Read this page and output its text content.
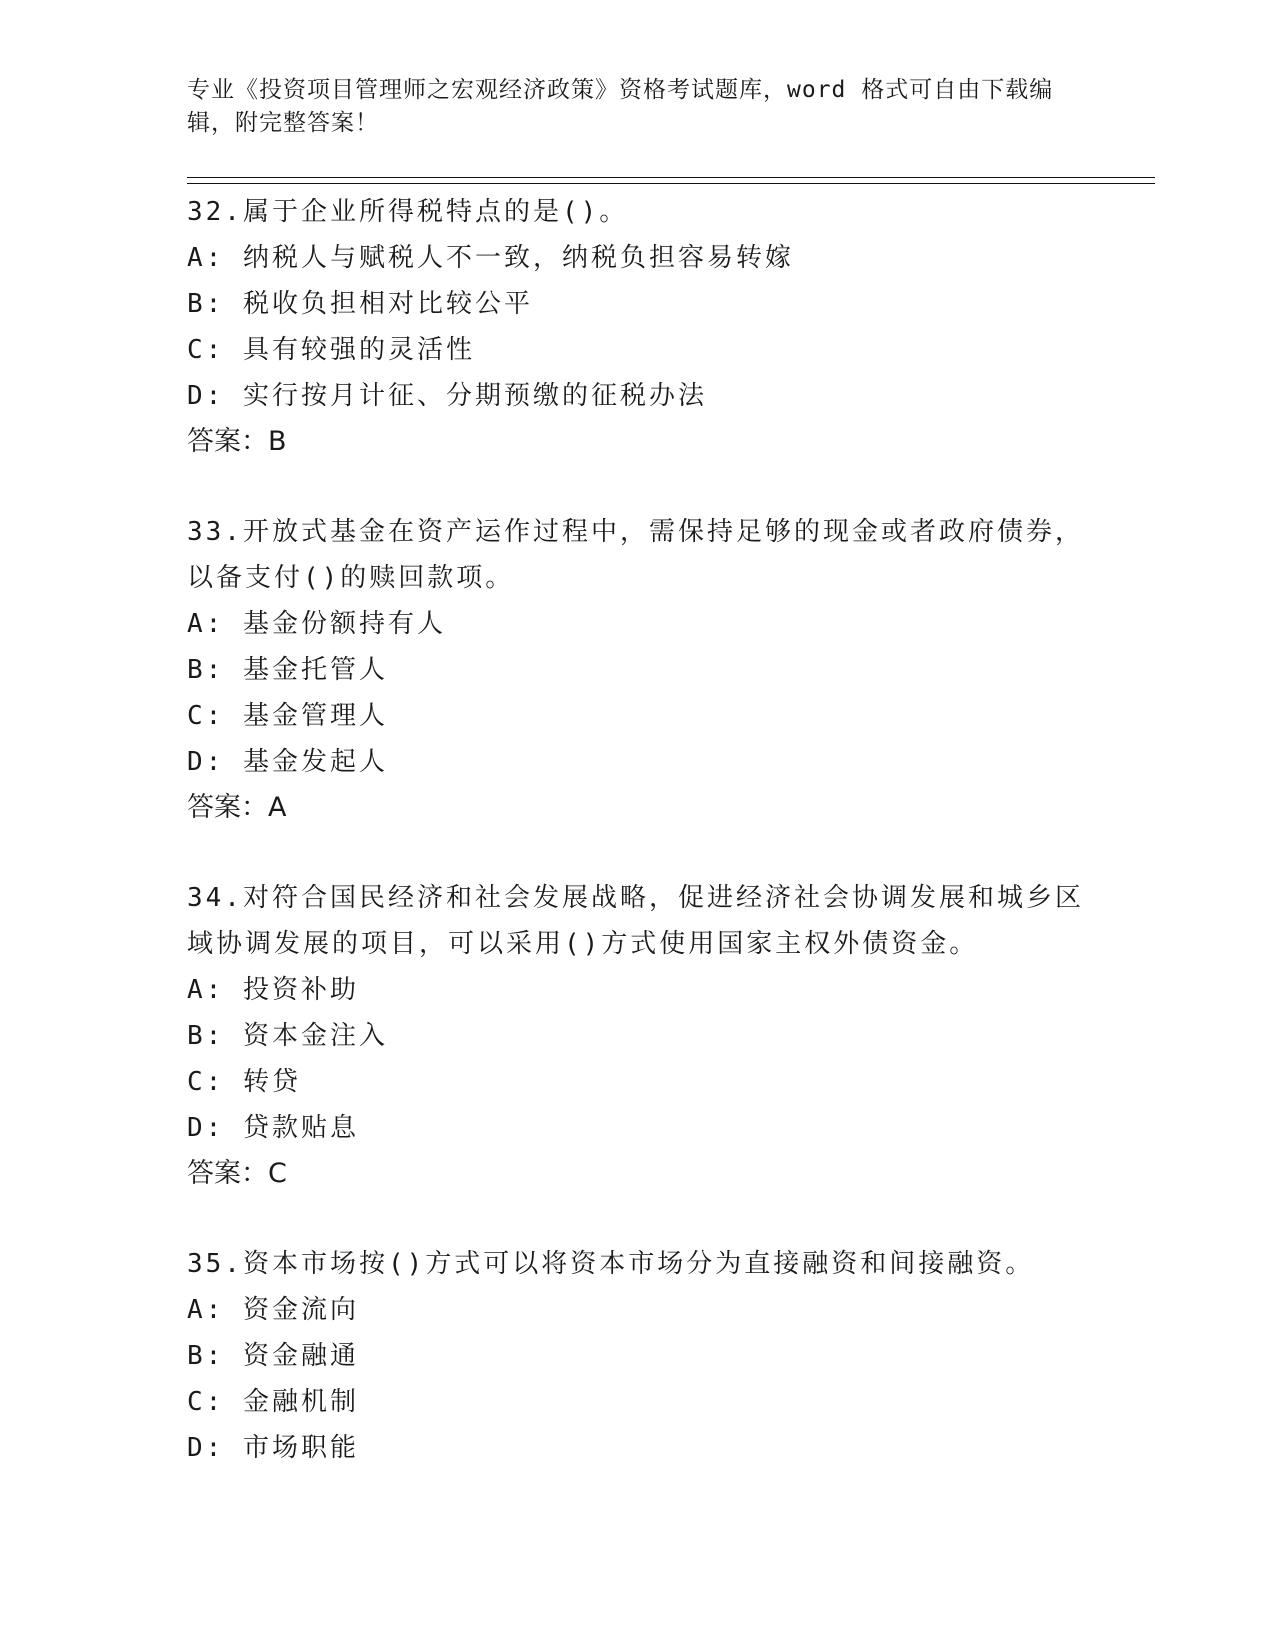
专业《投资项目管理师之宏观经济政策》资格考试题库，word 格式可自由下载编
辑，附完整答案！
32.属于企业所得税特点的是()。
A: 纳税人与赋税人不一致，纳税负担容易转嫁
B: 税收负担相对比较公平
C: 具有较强的灵活性
D: 实行按月计征、分期预缴的征税办法
答案：B
33.开放式基金在资产运作过程中，需保持足够的现金或者政府债券，
以备支付()的赎回款项。
A: 基金份额持有人
B: 基金托管人
C: 基金管理人
D: 基金发起人
答案：A
34.对符合国民经济和社会发展战略，促进经济社会协调发展和城乡区
域协调发展的项目，可以采用()方式使用国家主权外债资金。
A: 投资补助
B: 资本金注入
C: 转贷
D: 贷款贴息
答案：C
35.资本市场按()方式可以将资本市场分为直接融资和间接融资。
A: 资金流向
B: 资金融通
C: 金融机制
D: 市场职能
